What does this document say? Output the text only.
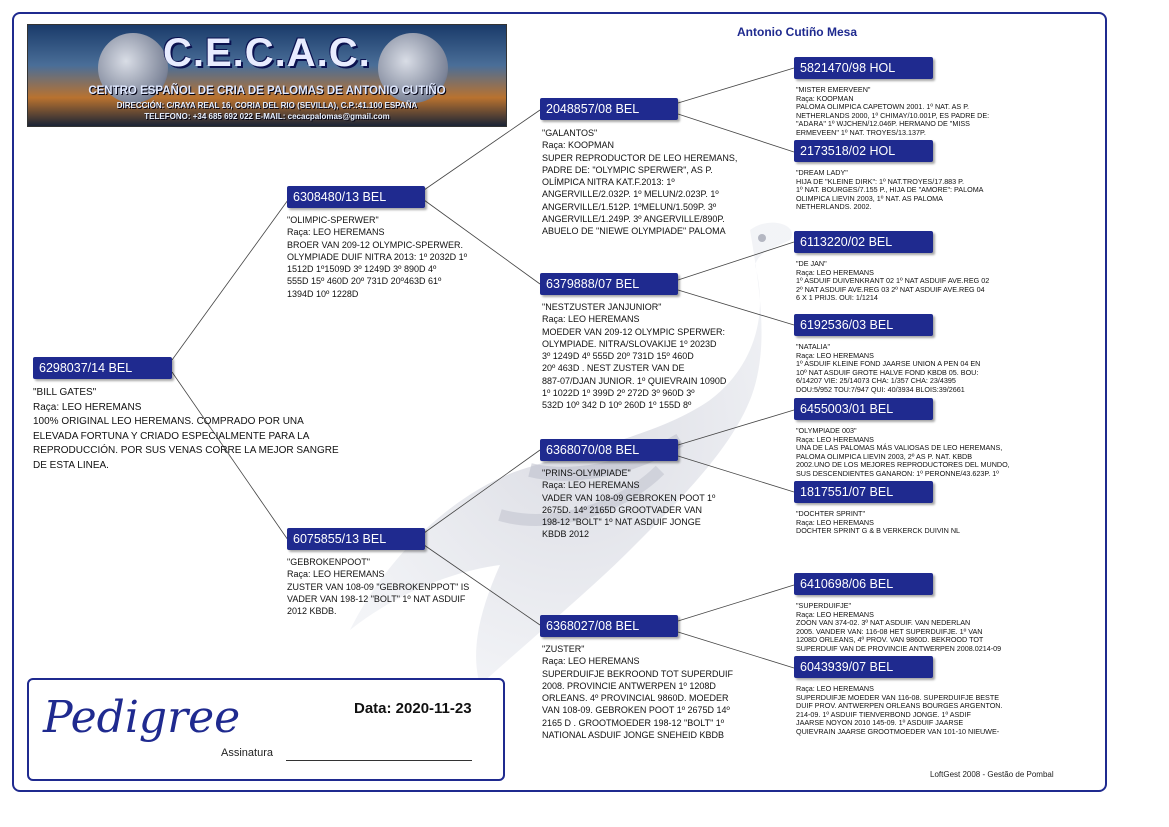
Antonio Cutiño Mesa
C.E.C.A.C.
CENTRO ESPAÑOL DE CRIA DE PALOMAS DE ANTONIO CUTIÑO
DIRECCIÓN: C/RAYA REAL 16, CORIA DEL RIO (SEVILLA), C.P.:41.100 ESPAÑA
TELEFONO: +34 685 692 022 E-MAIL: cecacpalomas@gmail.com
6298037/14 BEL
"BILL GATES"
Raça: LEO HEREMANS
100% ORIGINAL LEO HEREMANS. COMPRADO POR UNA
ELEVADA FORTUNA Y CRIADO ESPECIALMENTE PARA LA
REPRODUCCIÓN. POR SUS VENAS CORRE LA MEJOR SANGRE
DE ESTA LINEA.
6308480/13 BEL
"OLIMPIC-SPERWER"
Raça: LEO HEREMANS
BROER VAN 209-12 OLYMPIC-SPERWER.
OLYMPIADE DUIF NITRA 2013: 1º 2032D 1º
1512D 1º1509D 3º 1249D 3º 890D 4º
555D 15º 460D 20º 731D 20º463D 61º
1394D 10º 1228D
6075855/13 BEL
"GEBROKENPOOT"
Raça: LEO HEREMANS
ZUSTER VAN 108-09 "GEBROKENPPOT" IS
VADER VAN 198-12 "BOLT" 1º NAT ASDUIF
2012 KBDB.
2048857/08 BEL
"GALANTOS"
Raça: KOOPMAN
SUPER REPRODUCTOR DE LEO HEREMANS,
PADRE DE: "OLYMPIC SPERWER", AS P.
OLÍMPICA NITRA KAT.F.2013: 1º
ANGERVILLE/2.032P. 1º MELUN/2.023P. 1º
ANGERVILLE/1.512P. 1ºMELUN/1.509P. 3º
ANGERVILLE/1.249P. 3º ANGERVILLE/890P.
ABUELO DE "NIEWE OLYMPIADE" PALOMA
6379888/07 BEL
"NESTZUSTER JANJUNIOR"
Raça: LEO HEREMANS
MOEDER VAN 209-12 OLYMPIC SPERWER:
OLYMPIADE. NITRA/SLOVAKIJE 1º 2023D
3º 1249D 4º 555D 20º 731D 15º 460D
20º 463D . NEST ZUSTER VAN DE
887-07/DJAN JUNIOR. 1º QUIEVRAIN 1090D
1º 1022D 1º 399D 2º 272D 3º 960D 3º
532D 10º 342 D 10º 260D 1º 155D 8º
6368070/08 BEL
"PRINS-OLYMPIADE"
Raça: LEO HEREMANS
VADER VAN 108-09 GEBROKEN POOT 1º
2675D. 14º 2165D GROOTVADER VAN
198-12 "BOLT" 1º NAT ASDUIF JONGE
KBDB 2012
6368027/08 BEL
"ZUSTER"
Raça: LEO HEREMANS
SUPERDUIFJE BEKROOND TOT SUPERDUIF
2008. PROVINCIE ANTWERPEN 1º 1208D
ORLEANS. 4º PROVINCIAL 9860D. MOEDER
VAN 108-09. GEBROKEN POOT 1º 2675D 14º
2165 D . GROOTMOEDER 198-12 "BOLT" 1º
NATIONAL ASDUIF JONGE SNEHEID KBDB
5821470/98 HOL
"MISTER EMERVEEN"
Raça: KOOPMAN
PALOMA OLIMPICA CAPETOWN 2001. 1º NAT. AS P.
NETHERLANDS 2000, 1º CHIMAY/10.001P, ES PADRE DE:
"ADARA" 1º WJCHEN/12.046P. HERMANO DE "MISS
ERMEVEEN" 1º NAT. TROYES/13.137P.
2173518/02 HOL
"DREAM LADY"
HIJA DE "KLEINE DIRK": 1º NAT.TROYES/17.883 P.
1º NAT. BOURGES/7.155 P., HIJA DE "AMORE": PALOMA
OLIMPICA LIEVIN 2003, 1º NAT. AS PALOMA
NETHERLANDS. 2002.
6113220/02 BEL
"DE JAN"
Raça: LEO HEREMANS
1º ASDUIF DUIVENKRANT 02 1º NAT ASDUIF AVE.REG 02
2º NAT ASDUIF AVE.REG 03 2º NAT ASDUIF AVE.REG 04
6 X 1 PRIJS. OUI: 1/1214
6192536/03 BEL
"NATALIA"
Raça: LEO HEREMANS
1º ASDUIF KLEINE FOND JAARSE UNION A PEN 04 EN
10º NAT ASDUIF GROTE HALVE FOND KBDB 05. BOU:
6/14207 VIE: 25/14073 CHA: 1/357 CHA: 23/4395
DOU:5/952 TOU:7/947 QUI: 40/3934 BLOIS:39/2661
6455003/01 BEL
"OLYMPIADE 003"
Raça: LEO HEREMANS
UNA DE LAS PALOMAS MÁS VALIOSAS DE LEO HEREMANS,
PALOMA OLIMPICA LIEVIN 2003, 2º AS P. NAT. KBDB
2002.UNO DE LOS MEJORES REPRODUCTORES DEL MUNDO,
SUS DESCENDIENTES GANARON: 1º PERONNE/43.623P. 1º
1817551/07 BEL
"DOCHTER SPRINT"
Raça: LEO HEREMANS
DOCHTER SPRINT G & B VERKERCK DUIVIN NL
6410698/06 BEL
"SUPERDUIFJE"
Raça: LEO HEREMANS
ZOON VAN 374-02. 3º NAT ASDUIF. VAN NEDERLAN
2005. VANDER VAN: 116-08 HET SUPERDUIFJE. 1º VAN
1208D ORLEANS, 4º PROV. VAN 9860D. BEKROOD TOT
SUPERDUIF VAN DE PROVINCIE ANTWERPEN 2008.0214-09
6043939/07 BEL
Raça: LEO HEREMANS
SUPERDUIFJE MOEDER VAN 116-08. SUPERDUIFJE BESTE
DUIF PROV. ANTWERPEN ORLEANS BOURGES ARGENTON.
214-09. 1º ASDUIF TIENVERBOND JONGE. 1º ASDIF
JAARSE NOYON 2010 145-09. 1º ASDUIF JAARSE
QUIEVRAIN JAARSE GROOTMOEDER VAN 101-10 NIEUWE-
Pedigree	Data: 2020-11-23
Assinatura
LoftGest 2008 - Gestão de Pombal
